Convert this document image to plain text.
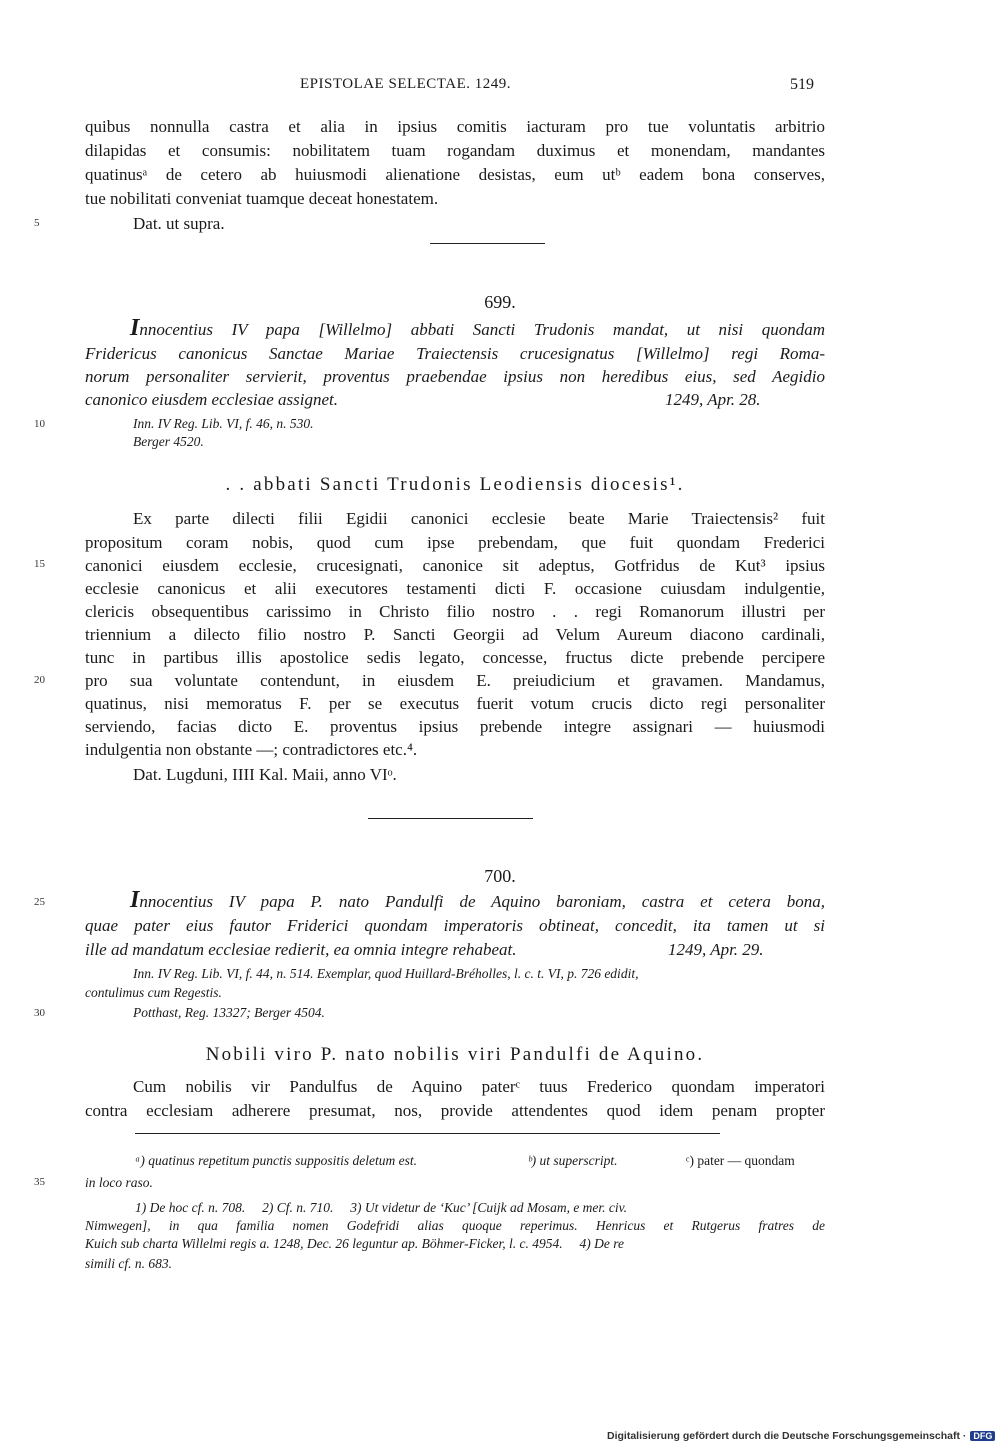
EPISTOLAE SELECTAE. 1249.	519
quibus nonnulla castra et alia in ipsius comitis iacturam pro tue voluntatis arbitrio
dilapidas et consumis: nobilitatem tuam rogandam duximus et monendam, mandantes
quatinusᵃ de cetero ab huiusmodi alienatione desistas, eum utᵇ eadem bona conserves,
tue nobilitati conveniat tuamque deceat honestatem.
5	Dat. ut supra.
699.
Innocentius IV papa [Willelmo] abbati Sancti Trudonis mandat, ut nisi quondam
Fridericus canonicus Sanctae Mariae Traiectensis crucesignatus [Willelmo] regi Roma-
norum personaliter servierit, proventus praebendae ipsius non heredibus eius, sed Aegidio
canonico eiusdem ecclesiae assignet.	1249, Apr. 28.
10	Inn. IV Reg. Lib. VI, f. 46, n. 530.
Berger 4520.
. . abbati Sancti Trudonis Leodiensis diocesis¹.
Ex parte dilecti filii Egidii canonici ecclesie beate Marie Traiectensis² fuit
propositum coram nobis, quod cum ipse prebendam, que fuit quondam Frederici
15	canonici eiusdem ecclesie, crucesignati, canonice sit adeptus, Gotfridus de Kut³ ipsius
ecclesie canonicus et alii executores testamenti dicti F. occasione cuiusdam indulgentie,
clericis obsequentibus carissimo in Christo filio nostro . . regi Romanorum illustri per
triennium a dilecto filio nostro P. Sancti Georgii ad Velum Aureum diacono cardinali,
tunc in partibus illis apostolice sedis legato, concesse, fructus dicte prebende percipere
20	pro sua voluntate contendunt, in eiusdem E. preiudicium et gravamen. Mandamus,
quatinus, nisi memoratus F. per se executus fuerit votum crucis dicto regi personaliter
serviendo, facias dicto E. proventus ipsius prebende integre assignari — huiusmodi
indulgentia non obstante —; contradictores etc.⁴.
Dat. Lugduni, IIII Kal. Maii, anno VIᵒ.
700.
25	Innocentius IV papa P. nato Pandulfi de Aquino baroniam, castra et cetera bona,
quae pater eius fautor Friderici quondam imperatoris obtineat, concedit, ita tamen ut si
ille ad mandatum ecclesiae redierit, ea omnia integre rehabeat.	1249, Apr. 29.
Inn. IV Reg. Lib. VI, f. 44, n. 514. Exemplar, quod Huillard-Bréholles, l. c. t. VI, p. 726 edidit,
contulimus cum Regestis.
30	Potthast, Reg. 13327; Berger 4504.
Nobili viro P. nato nobilis viri Pandulfi de Aquino.
Cum nobilis vir Pandulfus de Aquino paterᶜ tuus Frederico quondam imperatori
contra ecclesiam adherere presumat, nos, provide attendentes quod idem penam propter
ᵃ) quatinus repetitum punctis suppositis deletum est.	ᵇ) ut superscript.	ᶜ) pater — quondam
35	in loco raso.
1) De hoc cf. n. 708.     2) Cf. n. 710.     3) Ut videtur de ‘Kuc’ [Cuijk ad Mosam, e mer. civ.
Nimwegen], in qua familia nomen Godefridi alias quoque reperimus. Henricus et Rutgerus fratres de
Kuich sub charta Willelmi regis a. 1248, Dec. 26 leguntur ap. Böhmer-Ficker, l. c. 4954.     4) De re
simili cf. n. 683.
Digitalisierung gefördert durch die Deutsche Forschungsgemeinschaft · DFG
